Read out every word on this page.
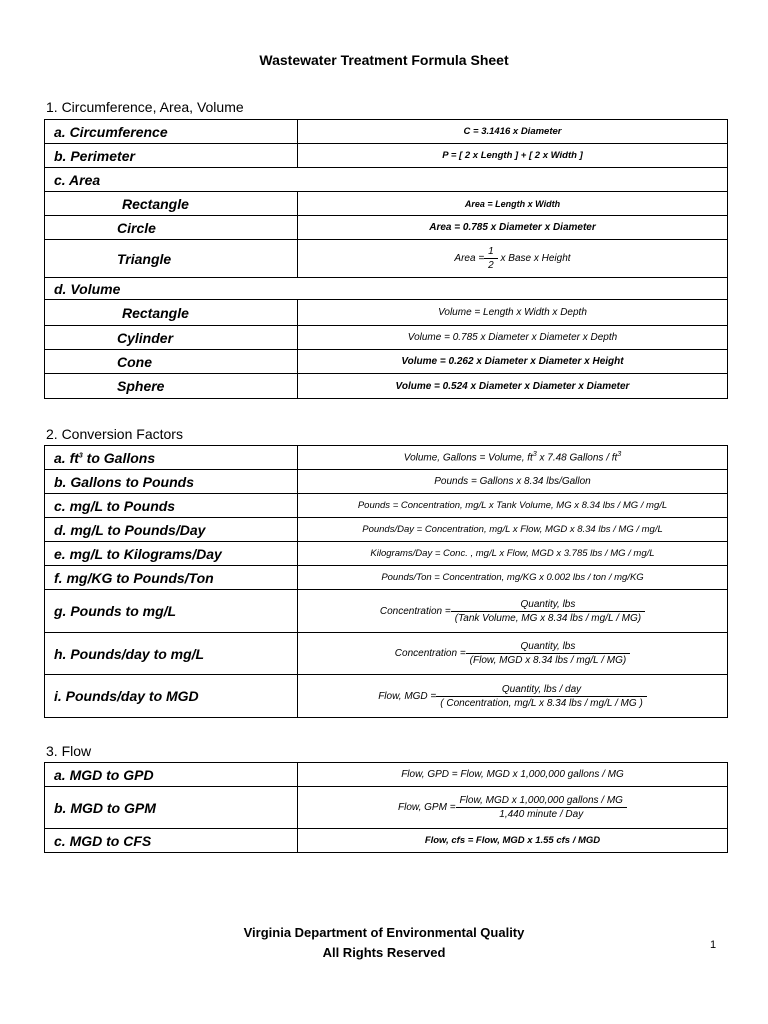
Wastewater Treatment Formula Sheet
1. Circumference, Area, Volume
a. Circumference	C = 3.1416 x Diameter
b. Perimeter	P = [ 2 x Length ] + [ 2 x Width ]
c. Area	
Rectangle	Area = Length x Width
Circle	Area = 0.785 x Diameter x Diameter
Triangle	Area = $\frac{1}{2}$ x Base x Height
d. Volume	
Rectangle	Volume = Length x Width x Depth
Cylinder	Volume = 0.785 x Diameter x Diameter x Depth
Cone	Volume = 0.262 x Diameter x Diameter x Height
Sphere	Volume = 0.524 x Diameter x Diameter x Diameter
2. Conversion Factors
a. $ft^3$ to Gallons	Volume, Gallons = Volume, $ft^3$ x 7.48 Gallons / $ft^3$
b. Gallons to Pounds	Pounds = Gallons x 8.34 lbs/Gallon
c. mg/L to Pounds	Pounds = Concentration, mg/L x Tank Volume, MG x 8.34 lbs / MG / mg/L
d. mg/L to Pounds/Day	Pounds/Day = Concentration, mg/L x Flow, MGD x 8.34 lbs / MG / mg/L
e. mg/L to Kilograms/Day	Kilograms/Day = Conc. , mg/L x Flow, MGD x 3.785 lbs / MG / mg/L
f. mg/KG to Pounds/Ton	Pounds/Ton = Concentration, mg/KG x 0.002 lbs / ton / mg/KG
g. Pounds to mg/L	Concentration = $\frac{\text{Quantity, lbs}}{\text{(Tank Volume, MG x 8.34 lbs / mg/L / MG)}}$

h. Pounds/day to mg/L	Concentration = $\frac{\text{Quantity, lbs}}{\text{(Flow, MGD x 8.34 lbs / mg/L / MG)}}$

i. Pounds/day to MGD	Flow, MGD = $\frac{\text{Quantity, lbs / day}}{\text{( Concentration, mg/L x 8.34 lbs / mg/L / MG )}}$
3. Flow
a. MGD to GPD	Flow, GPD = Flow, MGD x 1,000,000 gallons / MG
b. MGD to GPM	Flow, GPM = $\frac{\text{Flow, MGD x 1,000,000 gallons / MG}}{\text{1,440 minute / Day}}$

c. MGD to CFS	Flow, cfs = Flow, MGD x 1.55 cfs / MGD
Virginia Department of Environmental Quality
All Rights Reserved	1
